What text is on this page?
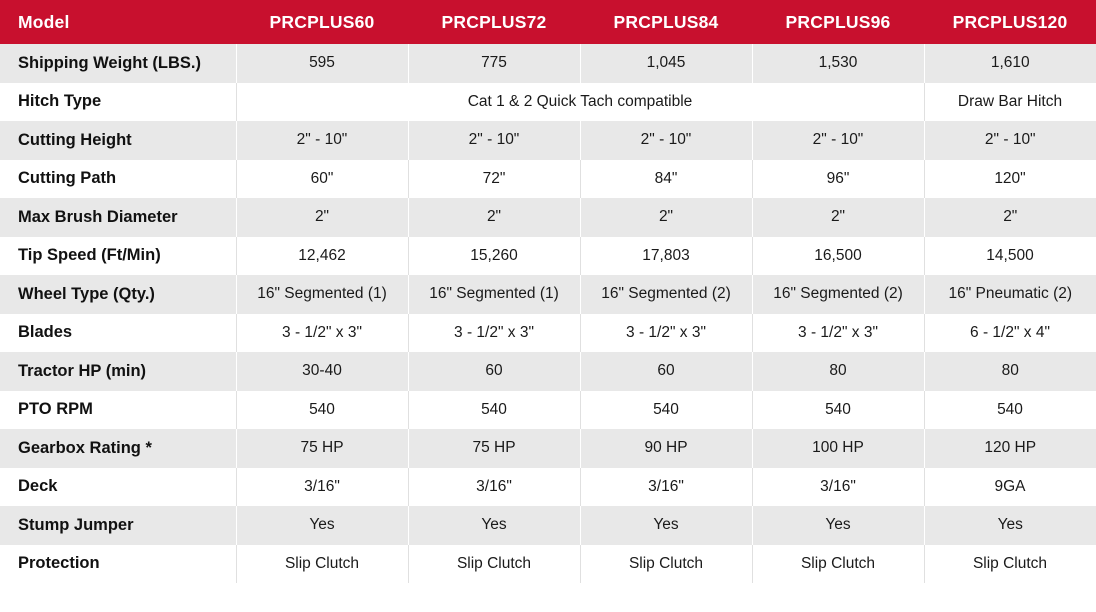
Model	PRCPLUS60	PRCPLUS72	PRCPLUS84	PRCPLUS96	PRCPLUS120
Shipping Weight (LBS.)	595	775	1,045	1,530	1,610
Hitch Type	Cat 1 & 2 Quick Tach compatible				Draw Bar Hitch
Cutting Height	2" - 10"	2" - 10"	2" - 10"	2" - 10"	2" - 10"
Cutting Path	60"	72"	84"	96"	120"
Max Brush Diameter	2"	2"	2"	2"	2"
Tip Speed (Ft/Min)	12,462	15,260	17,803	16,500	14,500
Wheel Type (Qty.)	16" Segmented (1)	16" Segmented (1)	16" Segmented (2)	16" Segmented (2)	16" Pneumatic (2)
Blades	3 - 1/2" x 3"	3 - 1/2" x 3"	3 - 1/2" x 3"	3 - 1/2" x 3"	6 - 1/2" x 4"
Tractor HP (min)	30-40	60	60	80	80
PTO RPM	540	540	540	540	540
Gearbox Rating *	75 HP	75 HP	90 HP	100 HP	120 HP
Deck	3/16"	3/16"	3/16"	3/16"	9GA
Stump Jumper	Yes	Yes	Yes	Yes	Yes
Protection	Slip Clutch	Slip Clutch	Slip Clutch	Slip Clutch	Slip Clutch
